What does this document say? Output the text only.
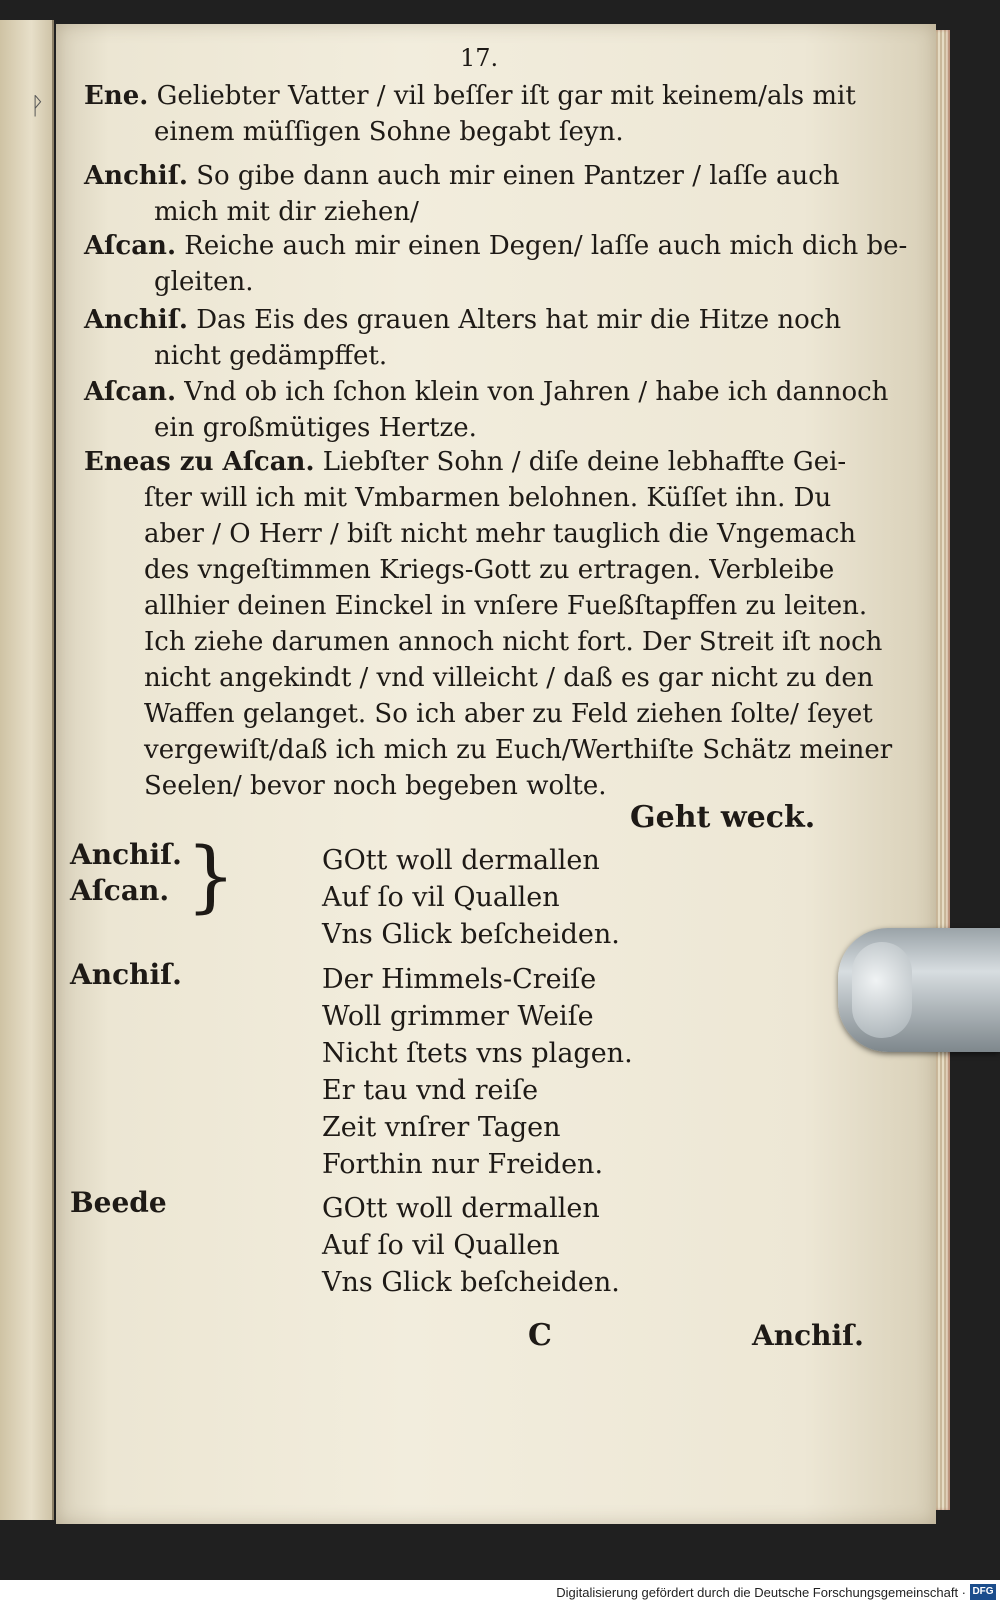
ᚹ
17.
Ene. Geliebter Vatter / vil beſſer iſt gar mit keinem/als mit
einem müſſigen Sohne begabt ſeyn.
Anchiſ. So gibe dann auch mir einen Pantzer / laſſe auch
mich mit dir ziehen/
Aſcan. Reiche auch mir einen Degen/ laſſe auch mich dich be-
gleiten.
Anchiſ. Das Eis des grauen Alters hat mir die Hitze noch
nicht gedämpffet.
Aſcan. Vnd ob ich ſchon klein von Jahren / habe ich dannoch
ein großmütiges Hertze.
Eneas zu Aſcan. Liebſter Sohn / diſe deine lebhaffte Gei-
ſter will ich mit Vmbarmen belohnen. Küſſet ihn. Du
aber / O Herr / biſt nicht mehr tauglich die Vngemach
des vngeſtimmen Kriegs-Gott zu ertragen. Verbleibe
allhier deinen Einckel in vnſere Fueßſtapffen zu leiten.
Ich ziehe darumen annoch nicht fort. Der Streit iſt noch
nicht angekindt / vnd villeicht / daß es gar nicht zu den
Waffen gelanget. So ich aber zu Feld ziehen ſolte/ ſeyet
vergewiſt/daß ich mich zu Euch/Werthiſte Schätz meiner
Seelen/ bevor noch begeben wolte.
Geht weck.
Anchiſ.
Aſcan. }	GOtt woll dermallen
Auf ſo vil Quallen
Vns Glick beſcheiden.
Anchiſ.	Der Himmels-Creiſe
Woll grimmer Weiſe
Nicht ſtets vns plagen.
Er tau vnd reiſe
Zeit vnſrer Tagen
Forthin nur Freiden.
Beede	GOtt woll dermallen
Auf ſo vil Quallen
Vns Glick beſcheiden.
C	Anchiſ.
Digitalisierung gefördert durch die Deutsche Forschungsgemeinschaft · DFG
